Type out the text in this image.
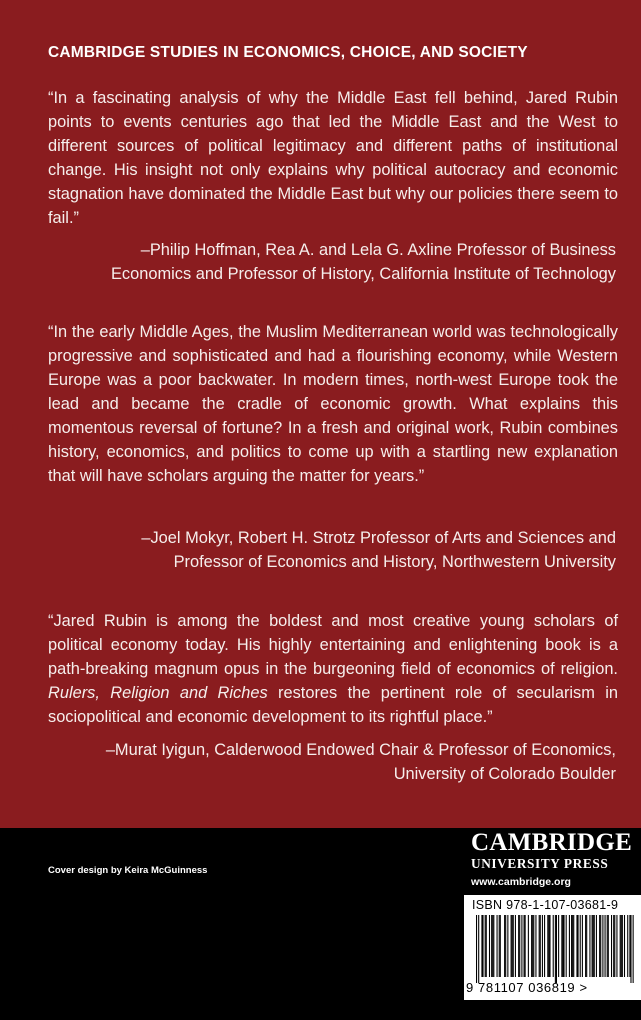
CAMBRIDGE STUDIES IN ECONOMICS, CHOICE, AND SOCIETY
“In a fascinating analysis of why the Middle East fell behind, Jared Rubin points to events centuries ago that led the Middle East and the West to different sources of political legitimacy and different paths of institutional change. His insight not only explains why political autocracy and economic stagnation have dominated the Middle East but why our policies there seem to fail.”
–Philip Hoffman, Rea A. and Lela G. Axline Professor of Business
Economics and Professor of History, California Institute of Technology
“In the early Middle Ages, the Muslim Mediterranean world was technologically progressive and sophisticated and had a flourishing economy, while Western Europe was a poor backwater. In modern times, north-west Europe took the lead and became the cradle of economic growth. What explains this momentous reversal of fortune? In a fresh and original work, Rubin combines history, economics, and politics to come up with a startling new explanation that will have scholars arguing the matter for years.”
–Joel Mokyr, Robert H. Strotz Professor of Arts and Sciences and
Professor of Economics and History, Northwestern University
“Jared Rubin is among the boldest and most creative young scholars of political economy today. His highly entertaining and enlightening book is a path-breaking magnum opus in the burgeoning field of economics of religion. Rulers, Religion and Riches restores the pertinent role of secularism in sociopolitical and economic development to its rightful place.”
–Murat Iyigun, Calderwood Endowed Chair & Professor of Economics,
University of Colorado Boulder
Cover design by Keira McGuinness
CAMBRIDGE
UNIVERSITY PRESS
www.cambridge.org
ISBN 978-1-107-03681-9
9 781107 036819 >
